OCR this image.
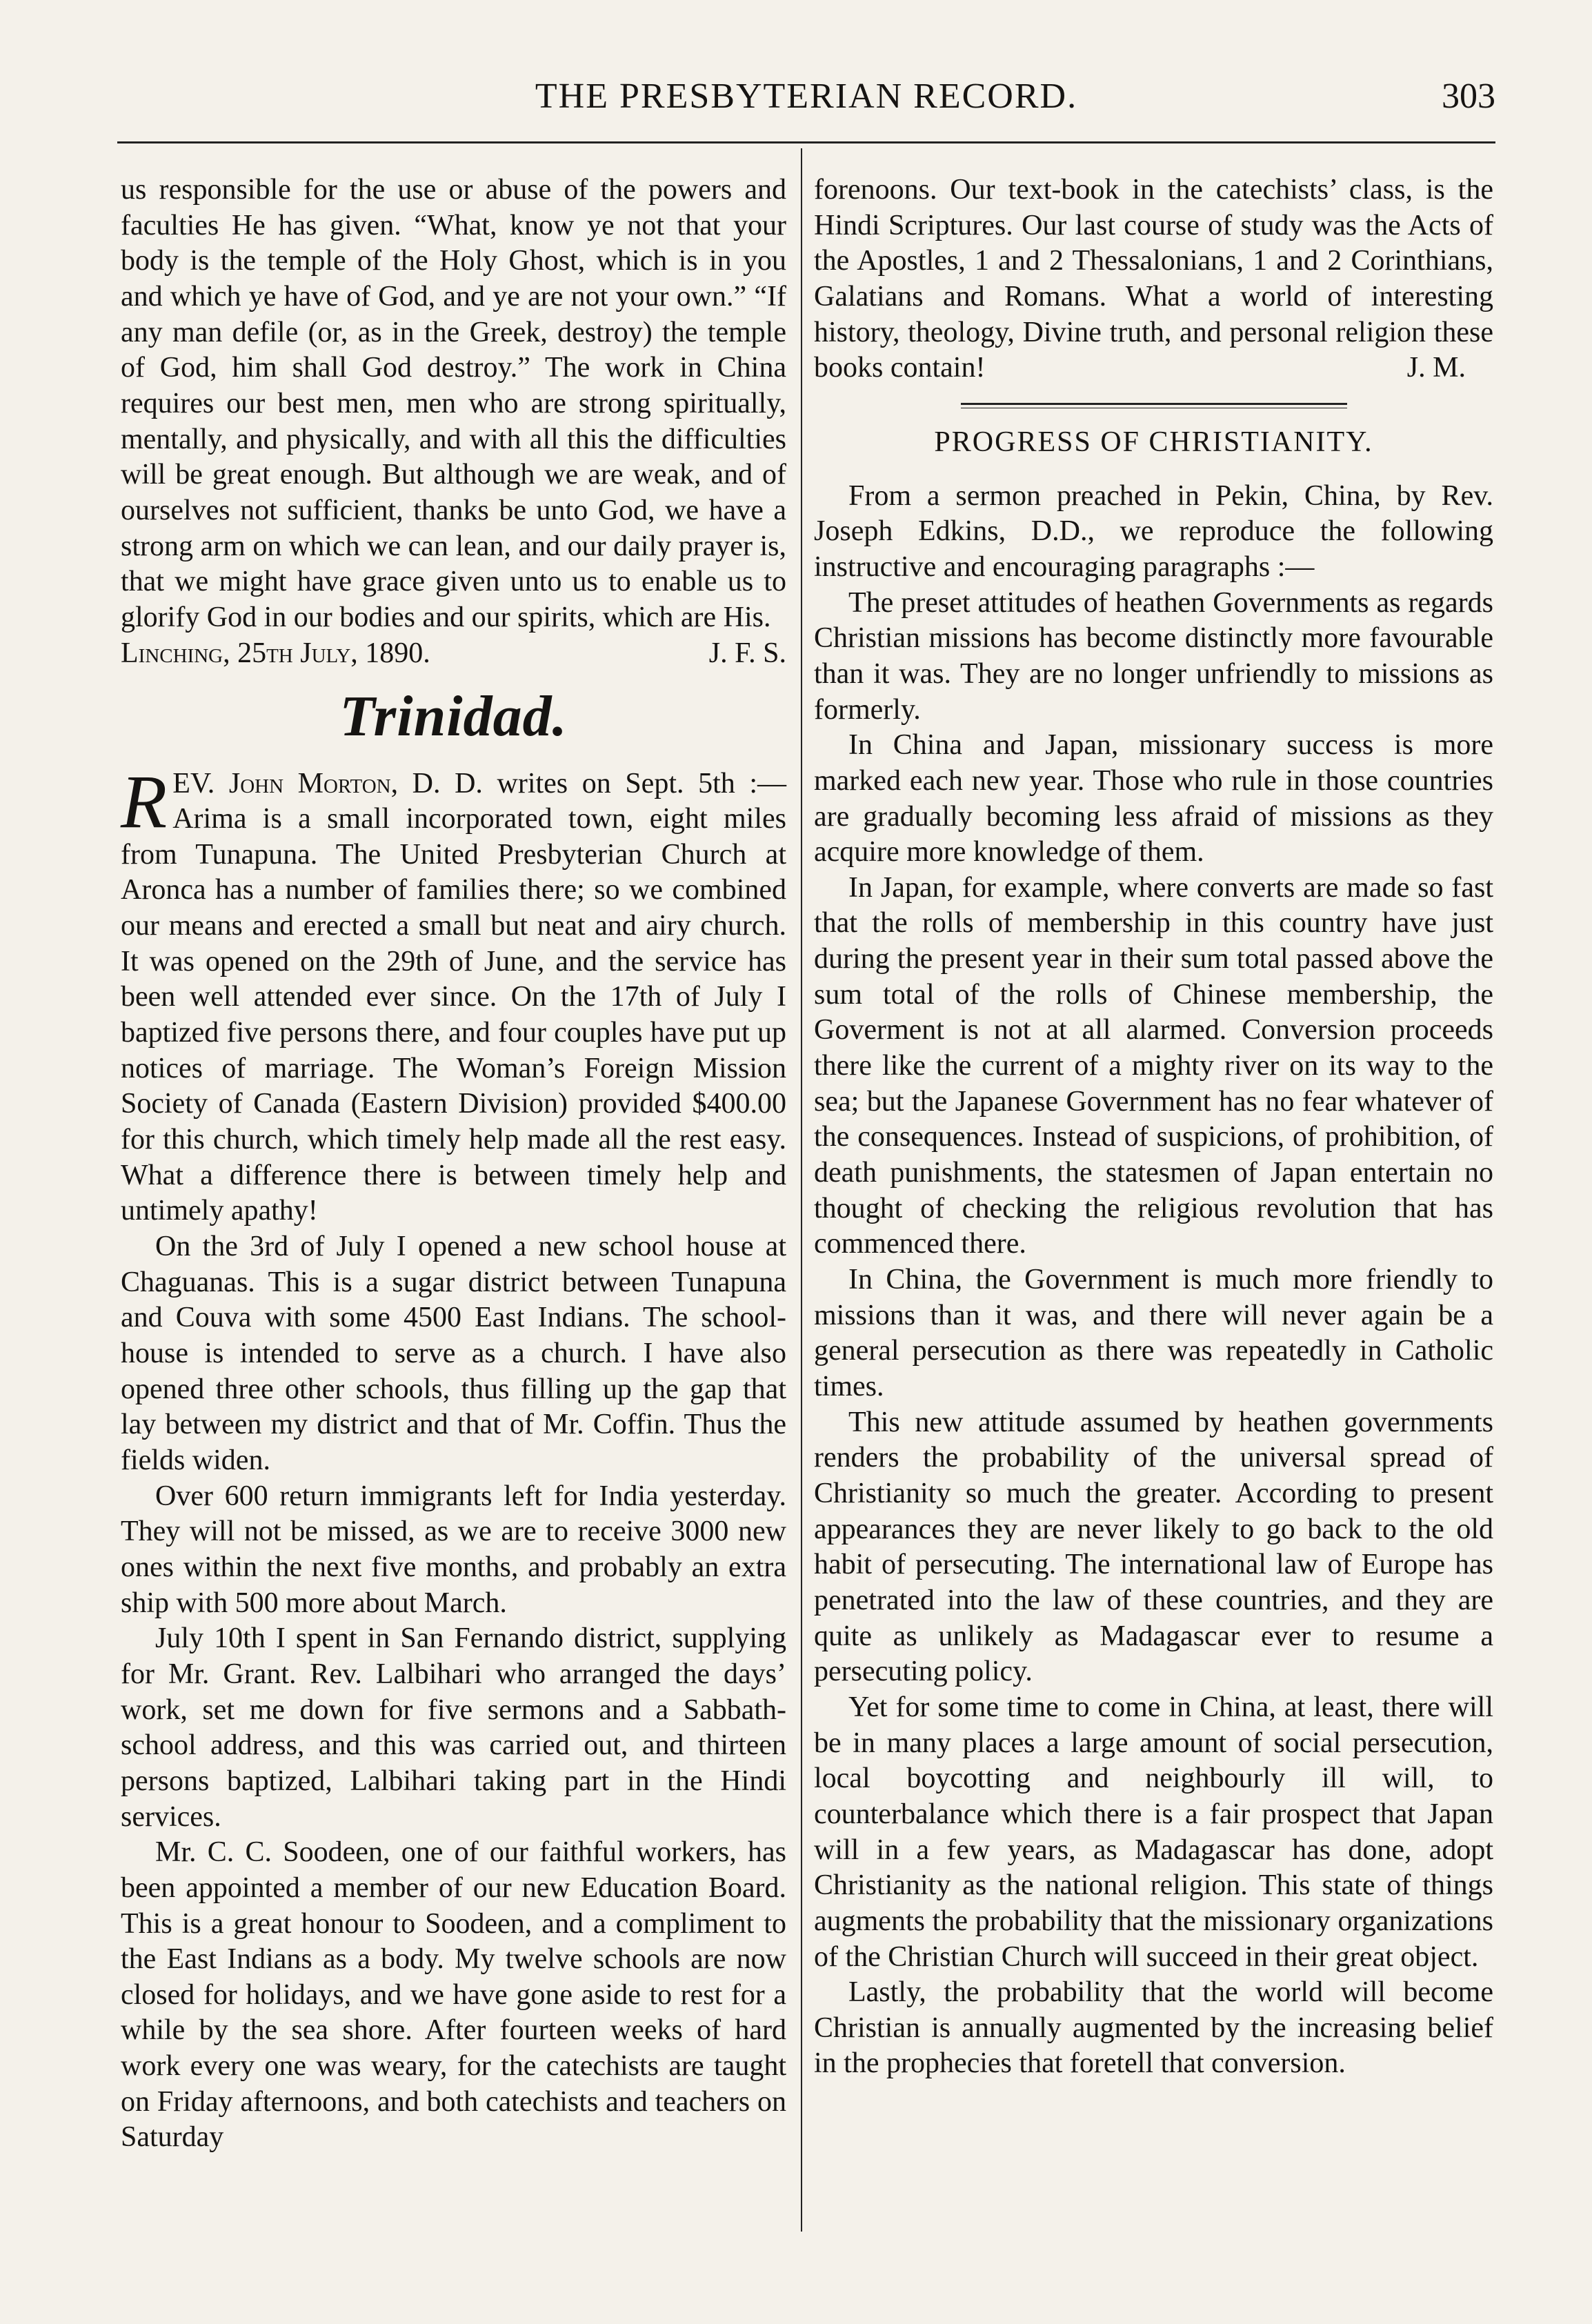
THE PRESBYTERIAN RECORD.	303

us responsible for the use or abuse of the powers and faculties He has given. “What, know ye not that your body is the temple of the Holy Ghost, which is in you and which ye have of God, and ye are not your own.” “If any man defile (or, as in the Greek, destroy) the temple of God, him shall God destroy.” The work in China requires our best men, men who are strong spiritually, mentally, and physically, and with all this the difficulties will be great enough. But although we are weak, and of ourselves not sufficient, thanks be unto God, we have a strong arm on which we can lean, and our daily prayer is, that we might have grace given unto us to enable us to glorify God in our bodies and our spirits, which are His.

Linching, 25th July, 1890.	J. F. S.
Trinidad.

REV. John Morton, D. D. writes on Sept. 5th :—Arima is a small incorporated town, eight miles from Tunapuna. The United Presbyterian Church at Aronca has a number of families there; so we combined our means and erected a small but neat and airy church. It was opened on the 29th of June, and the service has been well attended ever since. On the 17th of July I baptized five persons there, and four couples have put up notices of marriage. The Woman’s Foreign Mission Society of Canada (Eastern Division) provided $400.00 for this church, which timely help made all the rest easy. What a difference there is between timely help and untimely apathy!

On the 3rd of July I opened a new school house at Chaguanas. This is a sugar district between Tunapuna and Couva with some 4500 East Indians. The school-house is intended to serve as a church. I have also opened three other schools, thus filling up the gap that lay between my district and that of Mr. Coffin. Thus the fields widen.

Over 600 return immigrants left for India yesterday. They will not be missed, as we are to receive 3000 new ones within the next five months, and probably an extra ship with 500 more about March.

July 10th I spent in San Fernando district, supplying for Mr. Grant. Rev. Lalbihari who arranged the days’ work, set me down for five sermons and a Sabbath-school address, and this was carried out, and thirteen persons baptized, Lalbihari taking part in the Hindi services.

Mr. C. C. Soodeen, one of our faithful workers, has been appointed a member of our new Education Board. This is a great honour to Soodeen, and a compliment to the East Indians as a body. My twelve schools are now closed for holidays, and we have gone aside to rest for a while by the sea shore. After fourteen weeks of hard work every one was weary, for the catechists are taught on Friday afternoons, and both catechists and teachers on Saturday

forenoons. Our text-book in the catechists’ class, is the Hindi Scriptures. Our last course of study was the Acts of the Apostles, 1 and 2 Thessalonians, 1 and 2 Corinthians, Galatians and Romans. What a world of interesting history, theology, Divine truth, and personal religion these books contain!	J. M.

PROGRESS OF CHRISTIANITY.

From a sermon preached in Pekin, China, by Rev. Joseph Edkins, D.D., we reproduce the following instructive and encouraging paragraphs :—

The preset attitudes of heathen Governments as regards Christian missions has become distinctly more favourable than it was. They are no longer unfriendly to missions as formerly.

In China and Japan, missionary success is more marked each new year. Those who rule in those countries are gradually becoming less afraid of missions as they acquire more knowledge of them.

In Japan, for example, where converts are made so fast that the rolls of membership in this country have just during the present year in their sum total passed above the sum total of the rolls of Chinese membership, the Goverment is not at all alarmed. Conversion proceeds there like the current of a mighty river on its way to the sea; but the Japanese Government has no fear whatever of the consequences. Instead of suspicions, of prohibition, of death punishments, the statesmen of Japan entertain no thought of checking the religious revolution that has commenced there.

In China, the Government is much more friendly to missions than it was, and there will never again be a general persecution as there was repeatedly in Catholic times.

This new attitude assumed by heathen governments renders the probability of the universal spread of Christianity so much the greater. According to present appearances they are never likely to go back to the old habit of persecuting. The international law of Europe has penetrated into the law of these countries, and they are quite as unlikely as Madagascar ever to resume a persecuting policy.

Yet for some time to come in China, at least, there will be in many places a large amount of social persecution, local boycotting and neighbourly ill will, to counterbalance which there is a fair prospect that Japan will in a few years, as Madagascar has done, adopt Christianity as the national religion. This state of things augments the probability that the missionary organizations of the Christian Church will succeed in their great object.

Lastly, the probability that the world will become Christian is annually augmented by the increasing belief in the prophecies that foretell that conversion.
